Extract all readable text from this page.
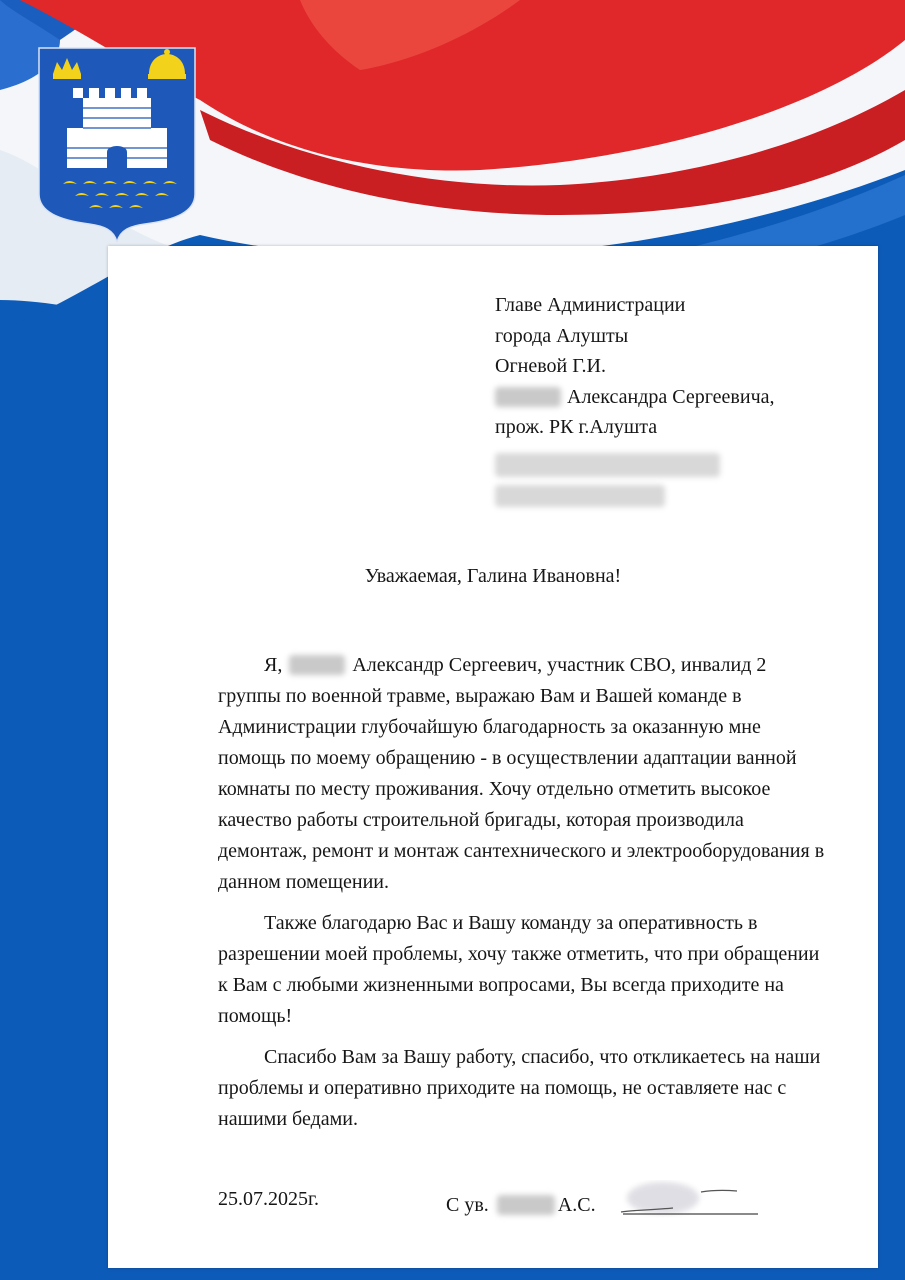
Главе Администрации
города Алушты
Огневой Г.И.
Александра Сергеевича,
прож. РК г.Алушта
Уважаемая, Галина Ивановна!

Я,	Александр Сергеевич, участник СВО, инвалид 2 группы по военной травме, выражаю Вам и Вашей команде в Администрации глубочайшую благодарность за оказанную мне помощь по моему обращению - в осуществлении адаптации ванной комнаты по месту проживания. Хочу отдельно отметить высокое качество работы строительной бригады, которая производила демонтаж, ремонт и монтаж сантехнического и электрооборудования в данном помещении.

Также благодарю Вас и Вашу команду за оперативность в разрешении моей проблемы, хочу также отметить, что при обращении к Вам с любыми жизненными вопросами, Вы всегда приходите на помощь!

Спасибо Вам за Вашу работу, спасибо, что откликаетесь на наши проблемы и оперативно приходите на помощь, не оставляете нас с нашими бедами.

25.07.2025г.	С ув.	А.С.
